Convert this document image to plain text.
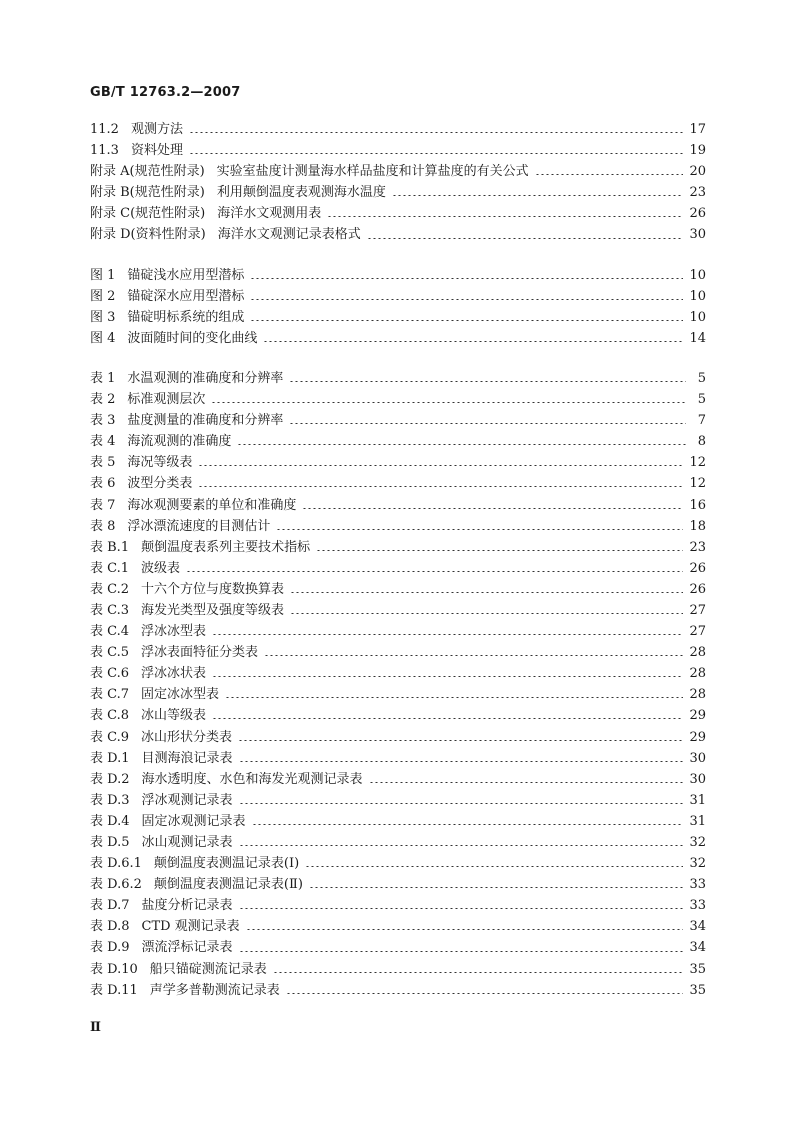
GB/T 12763.2—2007
11.2 观测方法	17
11.3 资料处理	19
附录 A(规范性附录) 实验室盐度计测量海水样品盐度和计算盐度的有关公式	20
附录 B(规范性附录) 利用颠倒温度表观测海水温度	23
附录 C(规范性附录) 海洋水文观测用表	26
附录 D(资料性附录) 海洋水文观测记录表格式	30
图 1 锚碇浅水应用型潜标	10
图 2 锚碇深水应用型潜标	10
图 3 锚碇明标系统的组成	10
图 4 波面随时间的变化曲线	14
表 1 水温观测的准确度和分辨率	5
表 2 标准观测层次	5
表 3 盐度测量的准确度和分辨率	7
表 4 海流观测的准确度	8
表 5 海况等级表	12
表 6 波型分类表	12
表 7 海冰观测要素的单位和准确度	16
表 8 浮冰漂流速度的目测估计	18
表 B.1 颠倒温度表系列主要技术指标	23
表 C.1 波级表	26
表 C.2 十六个方位与度数换算表	26
表 C.3 海发光类型及强度等级表	27
表 C.4 浮冰冰型表	27
表 C.5 浮冰表面特征分类表	28
表 C.6 浮冰冰状表	28
表 C.7 固定冰冰型表	28
表 C.8 冰山等级表	29
表 C.9 冰山形状分类表	29
表 D.1 目测海浪记录表	30
表 D.2 海水透明度、水色和海发光观测记录表	30
表 D.3 浮冰观测记录表	31
表 D.4 固定冰观测记录表	31
表 D.5 冰山观测记录表	32
表 D.6.1 颠倒温度表测温记录表(Ⅰ)	32
表 D.6.2 颠倒温度表测温记录表(Ⅱ)	33
表 D.7 盐度分析记录表	33
表 D.8 CTD 观测记录表	34
表 D.9 漂流浮标记录表	34
表 D.10 船只锚碇测流记录表	35
表 D.11 声学多普勒测流记录表	35
Ⅱ
